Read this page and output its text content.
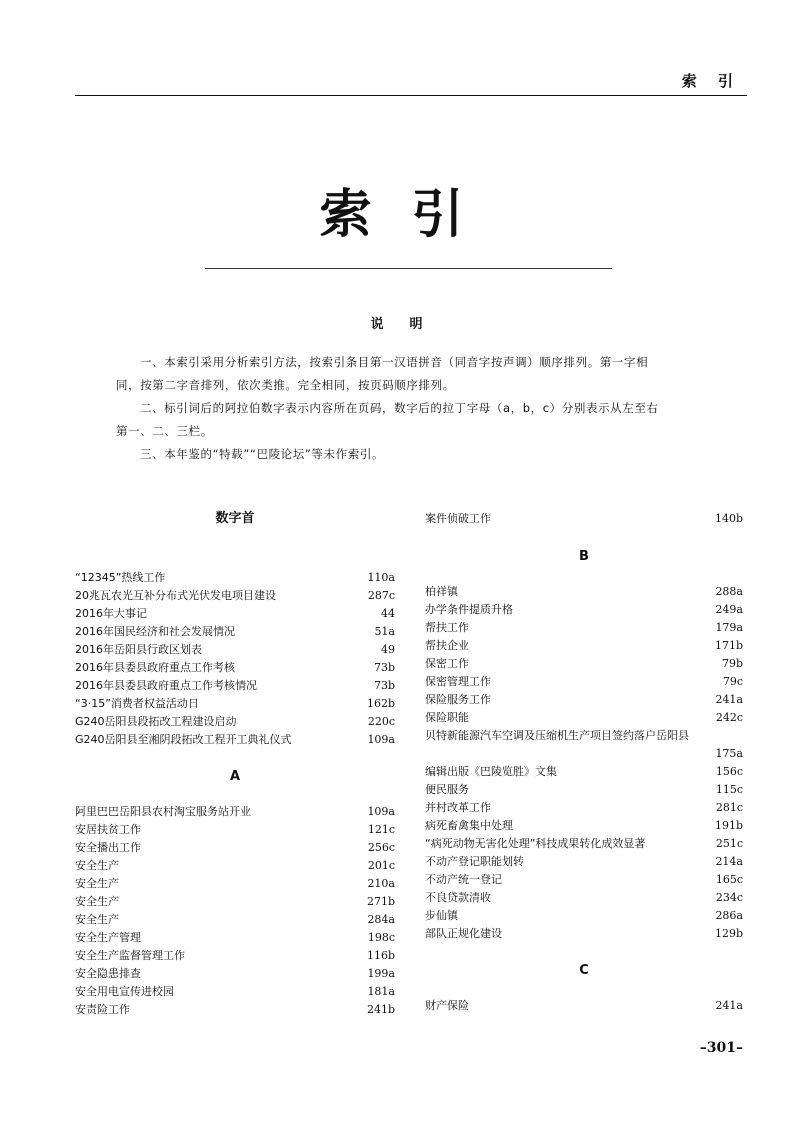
索 引
索引
说明

一、本索引采用分析索引方法，按索引条目第一汉语拼音（同音字按声调）顺序排列。第一字相

同，按第二字音排列，依次类推。完全相同，按页码顺序排列。

二、标引词后的阿拉伯数字表示内容所在页码，数字后的拉丁字母（a，b，c）分别表示从左至右

第一、二、三栏。

三、本年鉴的“特载”“巴陵论坛”等未作索引。

数字首
“12345”热线工作	110a
20兆瓦农光互补分布式光伏发电项目建设	287c
2016年大事记	44
2016年国民经济和社会发展情况	51a
2016年岳阳县行政区划表	49
2016年县委县政府重点工作考核	73b
2016年县委县政府重点工作考核情况	73b
“3·15”消费者权益活动日	162b
G240岳阳县段拓改工程建设启动	220c
G240岳阳县至湘阴段拓改工程开工典礼仪式	109a
A
阿里巴巴岳阳县农村淘宝服务站开业	109a
安居扶贫工作	121c
安全播出工作	256c
安全生产	201c
安全生产	210a
安全生产	271b
安全生产	284a
安全生产管理	198c
安全生产监督管理工作	116b
安全隐患排查	199a
安全用电宣传进校园	181a
安责险工作	241b
案件侦破工作	140b
B
柏祥镇	288a
办学条件提质升格	249a
帮扶工作	179a
帮扶企业	171b
保密工作	79b
保密管理工作	79c
保险服务工作	241a
保险职能	242c
贝特新能源汽车空调及压缩机生产项目签约落户岳阳县
175a
编辑出版《巴陵览胜》文集	156c
便民服务	115c
并村改革工作	281c
病死畜禽集中处理	191b
“病死动物无害化处理”科技成果转化成效显著	251c
不动产登记职能划转	214a
不动产统一登记	165c
不良贷款清收	234c
步仙镇	286a
部队正规化建设	129b
C
财产保险	241a
–301–
